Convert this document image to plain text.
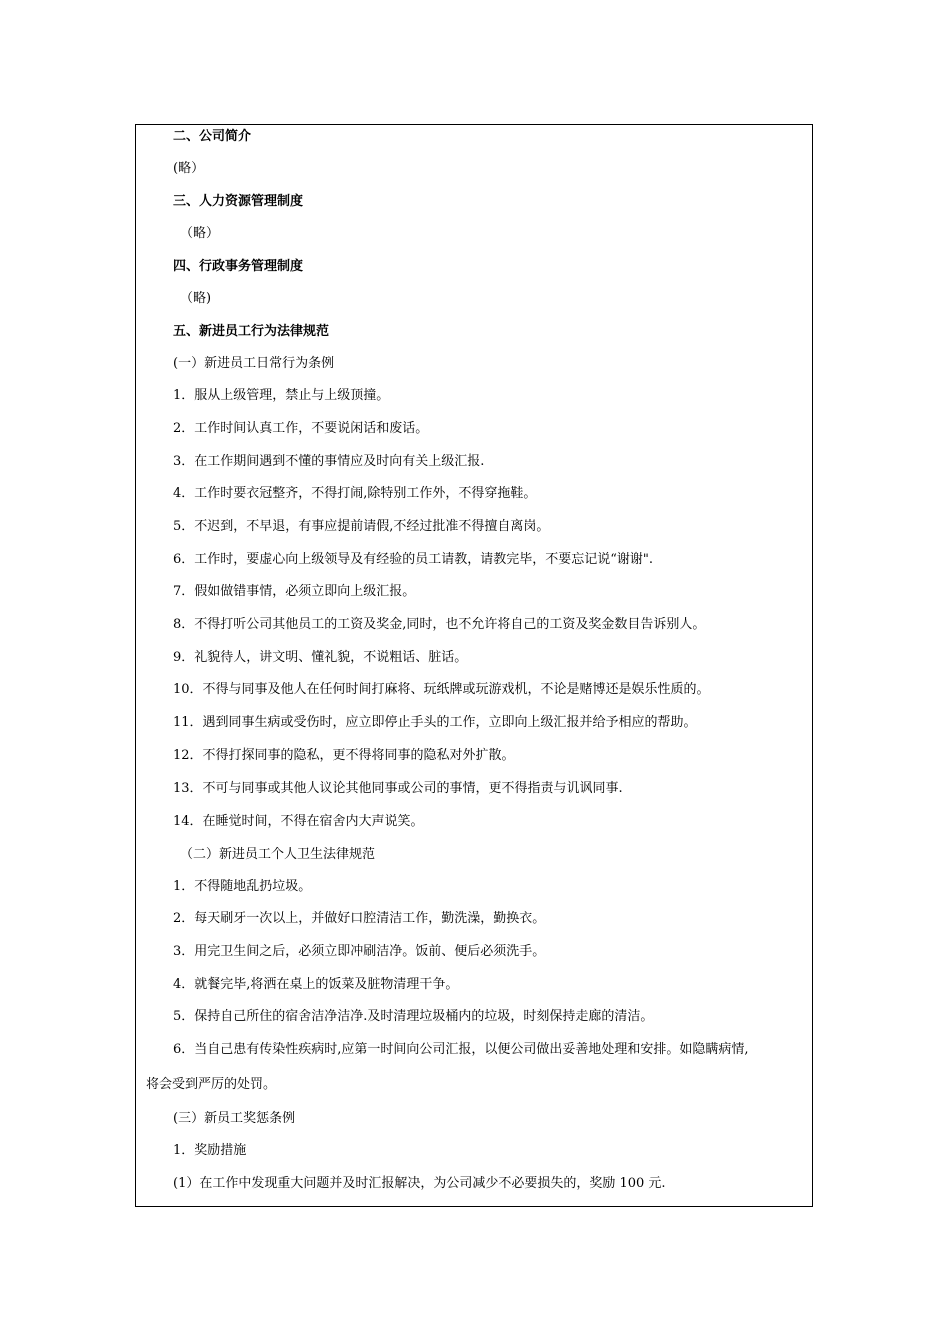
二、公司简介
(略）
三、人力资源管理制度
（略）
四、行政事务管理制度
（略)
五、新进员工行为法律规范
(一）新进员工日常行为条例
1．服从上级管理，禁止与上级顶撞。
2．工作时间认真工作，不要说闲话和废话。
3．在工作期间遇到不懂的事情应及时向有关上级汇报.
4．工作时要衣冠整齐，不得打闹,除特别工作外，不得穿拖鞋。
5．不迟到，不早退，有事应提前请假,不经过批准不得擅自离岗。
6．工作时，要虚心向上级领导及有经验的员工请教，请教完毕，不要忘记说“谢谢".
7．假如做错事情，必须立即向上级汇报。
8．不得打听公司其他员工的工资及奖金,同时，也不允许将自己的工资及奖金数目告诉别人。
9．礼貌待人，讲文明、懂礼貌，不说粗话、脏话。
10．不得与同事及他人在任何时间打麻将、玩纸牌或玩游戏机，不论是赌博还是娱乐性质的。
11．遇到同事生病或受伤时，应立即停止手头的工作，立即向上级汇报并给予相应的帮助。
12．不得打探同事的隐私，更不得将同事的隐私对外扩散。
13．不可与同事或其他人议论其他同事或公司的事情，更不得指责与讥讽同事.
14．在睡觉时间，不得在宿舍内大声说笑。
（二）新进员工个人卫生法律规范
1．不得随地乱扔垃圾。
2．每天刷牙一次以上，并做好口腔清洁工作，勤洗澡，勤换衣。
3．用完卫生间之后，必须立即冲刷洁净。饭前、便后必须洗手。
4．就餐完毕,将洒在桌上的饭菜及脏物清理干争。
5．保持自己所住的宿舍洁净洁净.及时清理垃圾桶内的垃圾，时刻保持走廊的清洁。
6．当自己患有传染性疾病时,应第一时间向公司汇报，以便公司做出妥善地处理和安排。如隐瞒病情,
将会受到严厉的处罚。
(三）新员工奖惩条例
1．奖励措施
(1）在工作中发现重大问题并及时汇报解决，为公司减少不必要损失的，奖励 100 元.
